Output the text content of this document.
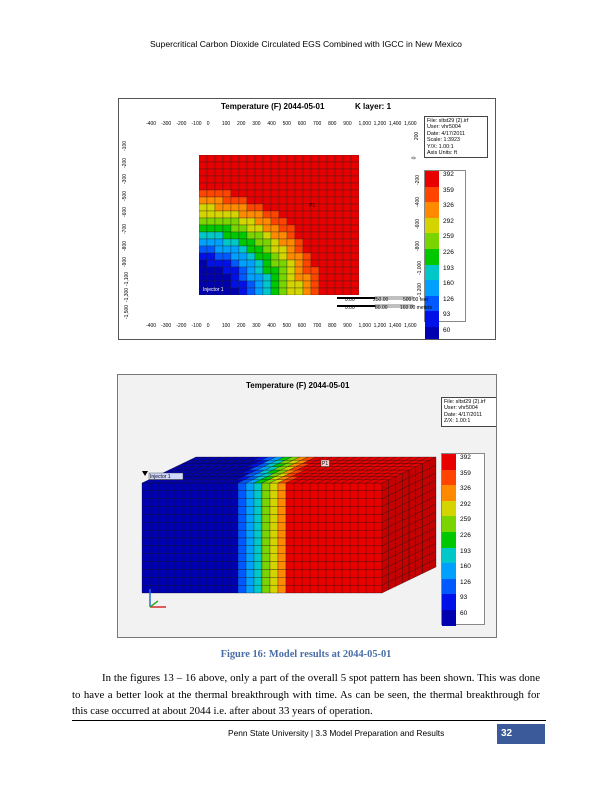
Supercritical Carbon Dioxide Circulated EGS Combined with IGCC in New Mexico
Temperature (F) 2044-05-01	K layer: 1
-400 -300 -200 -100 0 100 200 300 400 500 600 700 800 900 1,000 1,200 1,400 1,600
-400 -300 -200 -100 0 100 200 300 400 500 600 700 800 900 1,000 1,200 1,400 1,600
-100
-200
-300
-500
-600
-700
-800
-900
-1,100
-1,300
-1,500
200
0
-200
-400
-600
-800
-1,000
-1,200
P1
Injector 1
File: sltst29 (2).irf
User: vhr5004
Date: 4/17/2011
Scale: 1:3923
Y/X: 1.00:1
Axis Units: ft
392
359
326
292
259
226
193
160
126
93
60
0.00	250.00	500.00 feet
0.00	80.00 160.00 meters
Temperature (F) 2044-05-01
Injector 1
P1
File: sltst29 (2).irf
User: vhr5004
Date: 4/17/2011
Z/X: 1.00:1
392
359
326
292
259
226
193
160
126
93
60
Figure 16: Model results at 2044-05-01
In the figures 13 – 16 above, only a part of the overall 5 spot pattern has been shown. This was done to have a better look at the thermal breakthrough with time. As can be seen, the thermal breakthrough for this case occurred at about 2044 i.e. after about 33 years of operation.
Penn State University | 3.3 Model Preparation and Results	32
